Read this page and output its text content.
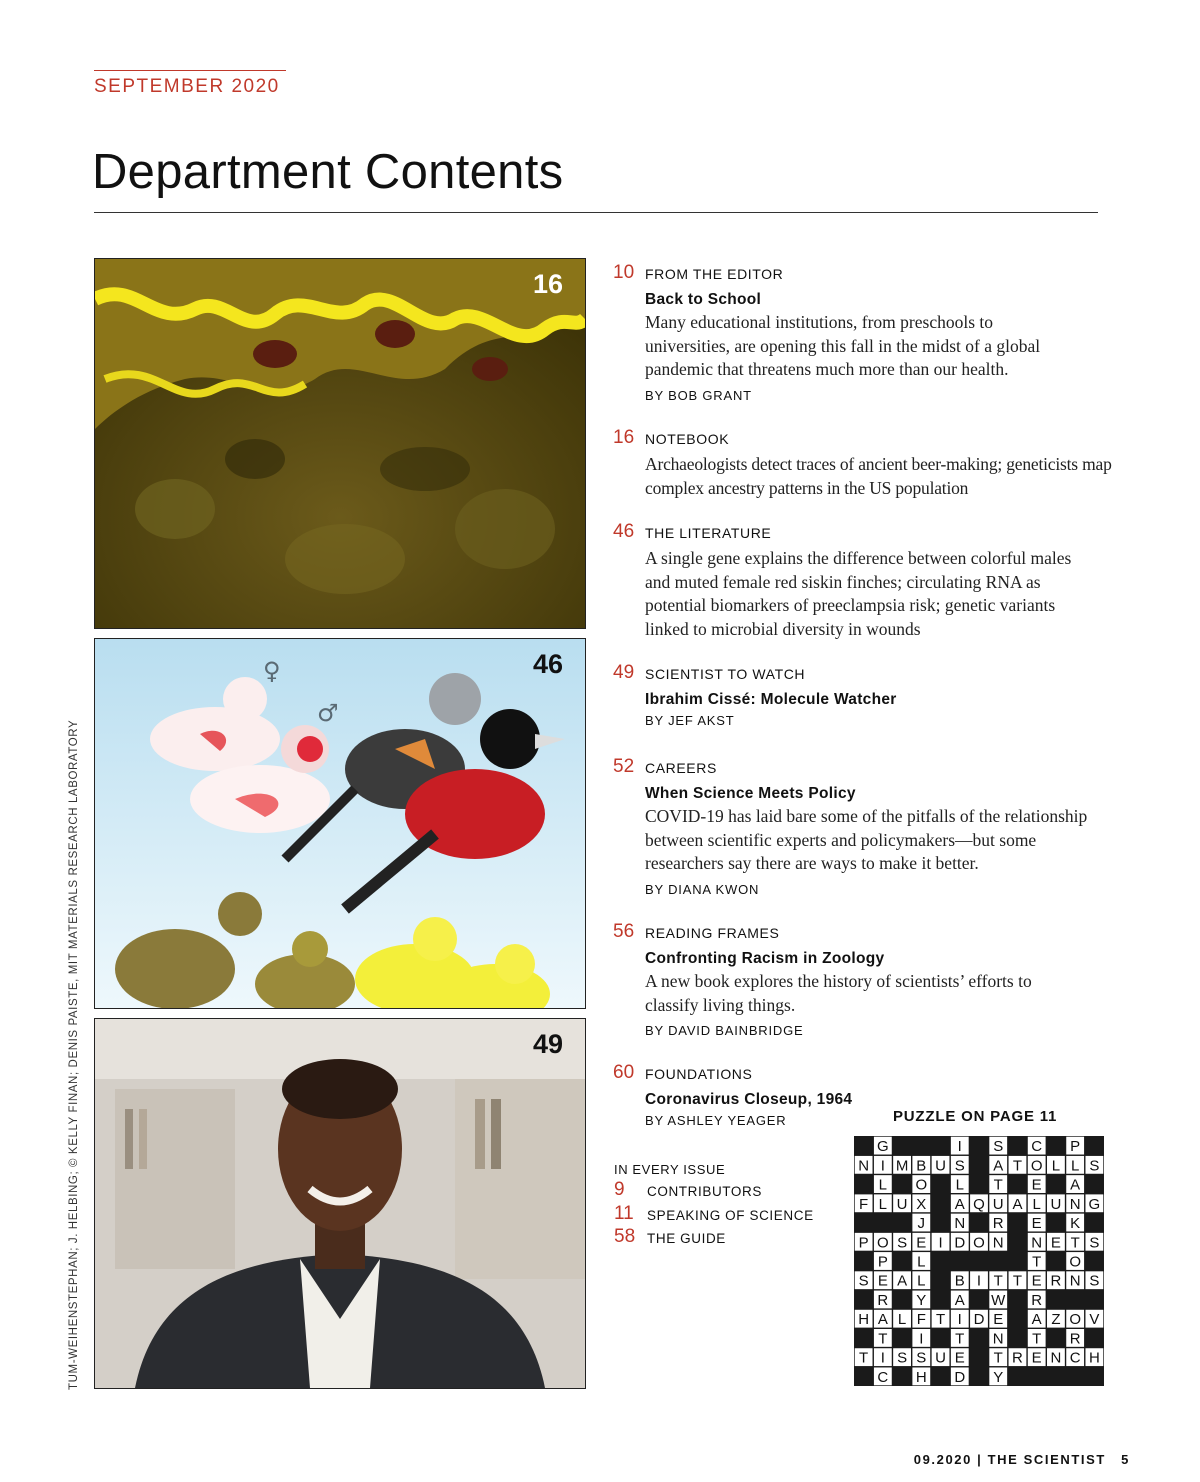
SEPTEMBER 2020
Department Contents
TUM-WEIHENSTEPHAN; J. HELBING; © KELLY FINAN; DENIS PAISTE, MIT MATERIALS RESEARCH LABORATORY
16
♀
♂
46
49
10 FROM THE EDITOR
Back to School
Many educational institutions, from preschools to universities, are opening this fall in the midst of a global pandemic that threatens much more than our health.
BY BOB GRANT
16 NOTEBOOK
Archaeologists detect traces of ancient beer-making; geneticists map complex ancestry patterns in the US population
46 THE LITERATURE
A single gene explains the difference between colorful males and muted female red siskin finches; circulating RNA as potential biomarkers of preeclampsia risk; genetic variants linked to microbial diversity in wounds
49 SCIENTIST TO WATCH
Ibrahim Cissé: Molecule Watcher
BY JEF AKST
52 CAREERS
When Science Meets Policy
COVID-19 has laid bare some of the pitfalls of the relationship between scientific experts and policymakers—but some researchers say there are ways to make it better.
BY DIANA KWON
56 READING FRAMES
Confronting Racism in Zoology
A new book explores the history of scientists’ efforts to classify living things.
BY DAVID BAINBRIDGE
60 FOUNDATIONS
Coronavirus Closeup, 1964
BY ASHLEY YEAGER
IN EVERY ISSUE
9 CONTRIBUTORS
11 SPEAKING OF SCIENCE
58 THE GUIDE
PUZZLE ON PAGE 11
G	I S C P
N I M B U S A T O L L S
L O L T E A
F L U X A Q U A L U N G
J N R E K
P O S E I D O N N E T S
P L	T O
S E A L B I T T E R N S
R Y A W R
H A L F T I D E A Z O V
T I T N T R
T I S S U E T R E N C H
C H D Y
09.2020 | THE SCIENTIST 5
